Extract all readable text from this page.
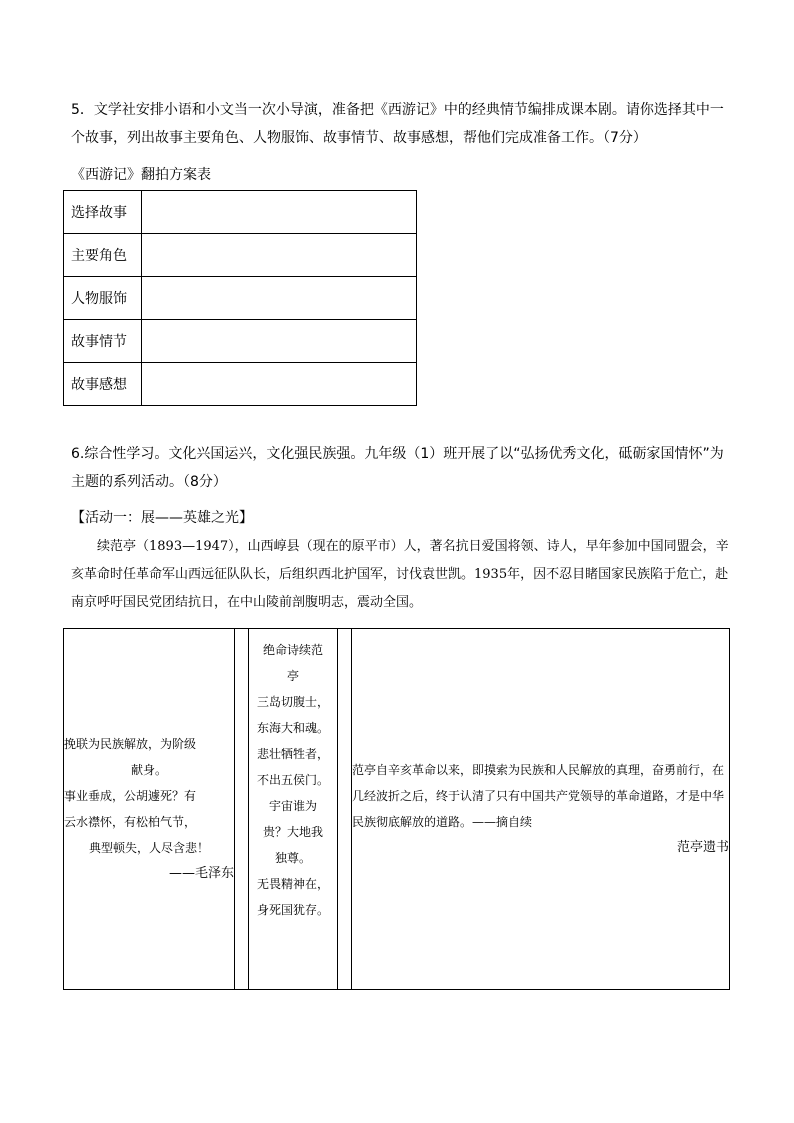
5．文学社安排小语和小文当一次小导演，准备把《西游记》中的经典情节编排成课本剧。请你选择其中一个故事，列出故事主要角色、人物服饰、故事情节、故事感想，帮他们完成准备工作。（7分）

《西游记》翻拍方案表
选择故事	
主要角色	
人物服饰	
故事情节	
故事感想	

6.综合性学习。文化兴国运兴，文化强民族强。九年级（1）班开展了以“弘扬优秀文化，砥砺家国情怀”为主题的系列活动。（8分）

【活动一：展——英雄之光】

续范亭（1893—1947），山西崞县（现在的原平市）人，著名抗日爱国将领、诗人，早年参加中国同盟会，辛亥革命时任革命军山西远征队队长，后组织西北护国军，讨伐袁世凯。1935年，因不忍目睹国家民族陷于危亡，赴南京呼吁国民党团结抗日，在中山陵前剖腹明志，震动全国。

挽联为民族解放，为阶级
献身。
事业垂成，公胡遽死？有
云水襟怀，有松柏气节，
典型顿失，人尽含悲！
——毛泽东

绝命诗续范
亭
三岛切腹士，
东海大和魂。
悲壮牺牲者，
不出五侯门。
宇宙谁为
贵？大地我
独尊。
无畏精神在，
身死国犹存。
		范亭自辛亥革命以来，即摸索为民族和人民解放的真理，奋勇前行，在几经波折之后，终于认清了只有中国共产党领导的革命道路，才是中华民族彻底解放的道路。——摘自续
范亭遗书
